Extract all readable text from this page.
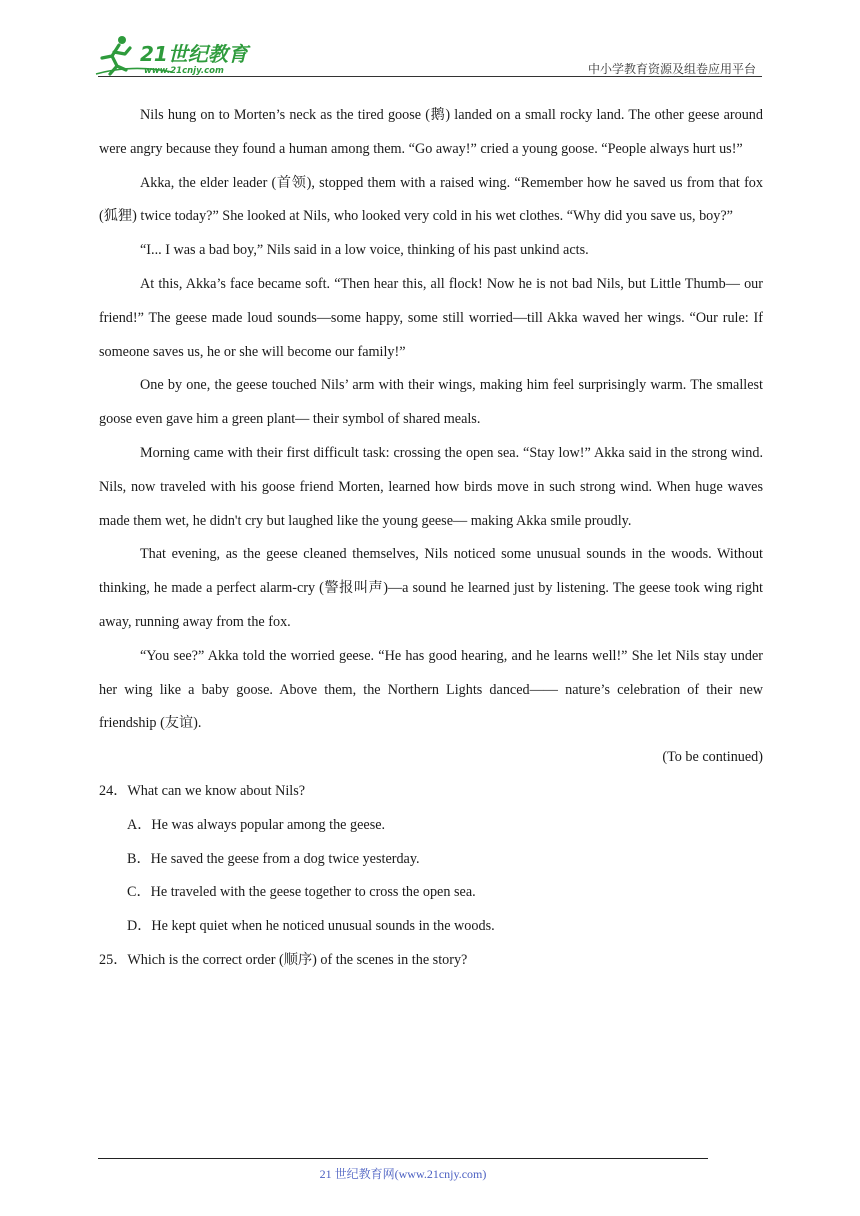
21世纪教育
www.21cnjy.com	中小学教育资源及组卷应用平台

Nils hung on to Morten’s neck as the tired goose (鹅) landed on a small rocky land. The other geese around were angry because they found a human among them. “Go away!” cried a young goose. “People always hurt us!”

Akka, the elder leader (首领), stopped them with a raised wing. “Remember how he saved us from that fox (狐狸) twice today?” She looked at Nils, who looked very cold in his wet clothes. “Why did you save us, boy?”

“I... I was a bad boy,” Nils said in a low voice, thinking of his past unkind acts.

At this, Akka’s face became soft. “Then hear this, all flock! Now he is not bad Nils, but Little Thumb— our friend!” The geese made loud sounds—some happy, some still worried—till Akka waved her wings. “Our rule: If someone saves us, he or she will become our family!”

One by one, the geese touched Nils’ arm with their wings, making him feel surprisingly warm. The smallest goose even gave him a green plant— their symbol of shared meals.

Morning came with their first difficult task: crossing the open sea. “Stay low!” Akka said in the strong wind. Nils, now traveled with his goose friend Morten, learned how birds move in such strong wind. When huge waves made them wet, he didn't cry but laughed like the young geese— making Akka smile proudly.

That evening, as the geese cleaned themselves, Nils noticed some unusual sounds in the woods. Without thinking, he made a perfect alarm-cry (警报叫声)—a sound he learned just by listening. The geese took wing right away, running away from the fox.

“You see?” Akka told the worried geese. “He has good hearing, and he learns well!” She let Nils stay under her wing like a baby goose. Above them, the Northern Lights danced—— nature’s celebration of their new friendship (友谊).

(To be continued)

24．What can we know about Nils?

A．He was always popular among the geese.

B．He saved the geese from a dog twice yesterday.

C．He traveled with the geese together to cross the open sea.

D．He kept quiet when he noticed unusual sounds in the woods.

25．Which is the correct order (顺序) of the scenes in the story?

21 世纪教育网(www.21cnjy.com)
